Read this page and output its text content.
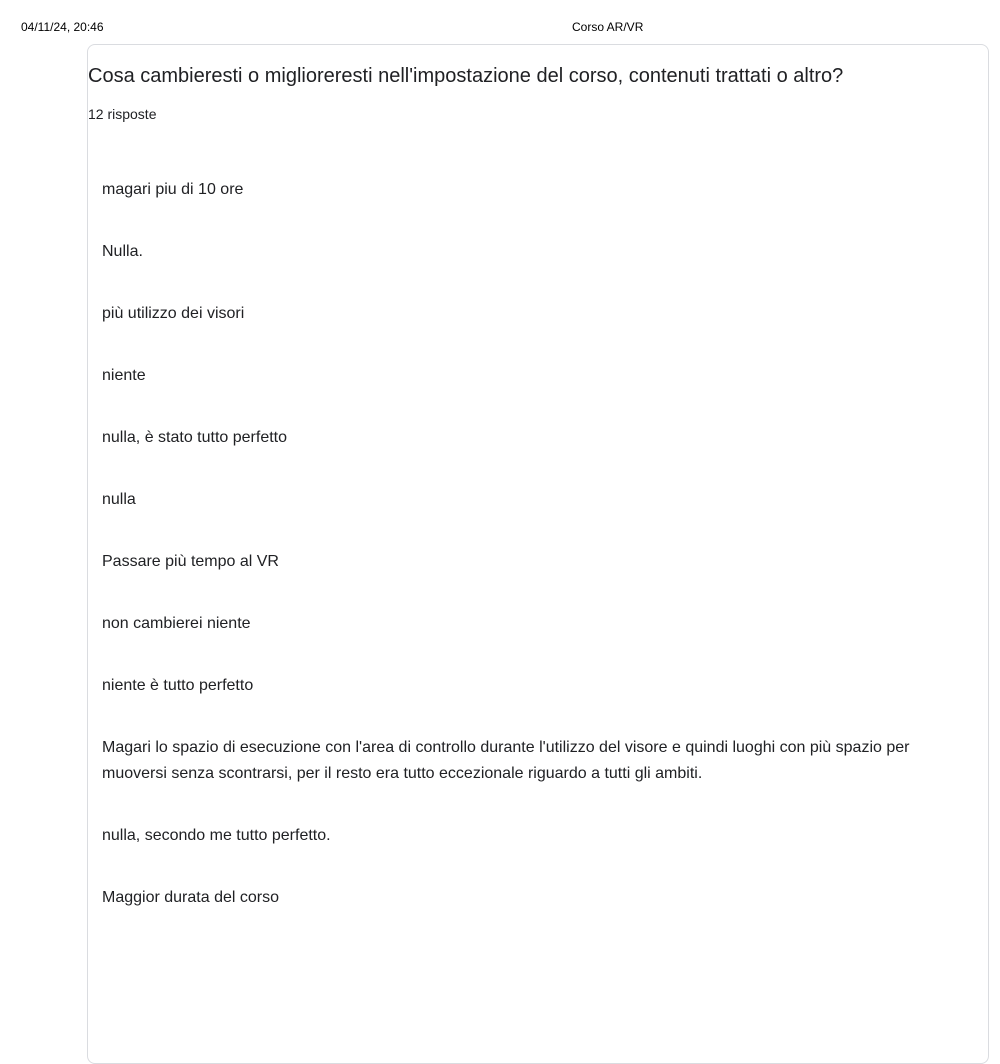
04/11/24, 20:46	Corso AR/VR
Cosa cambieresti o miglioreresti nell'impostazione del corso, contenuti trattati o altro?
12 risposte
magari piu di 10 ore
Nulla.
più utilizzo dei visori
niente
nulla, è stato tutto perfetto
nulla
Passare più tempo al VR
non cambierei niente
niente è tutto perfetto
Magari lo spazio di esecuzione con l'area di controllo durante l'utilizzo del visore e quindi luoghi con più spazio per muoversi senza scontrarsi, per il resto era tutto eccezionale riguardo a tutti gli ambiti.
nulla, secondo me tutto perfetto.
Maggior durata del corso
